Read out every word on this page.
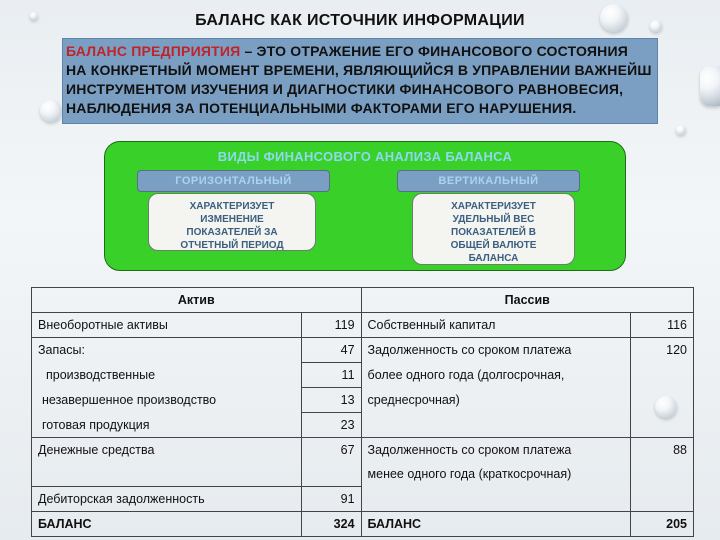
БАЛАНС КАК ИСТОЧНИК ИНФОРМАЦИИ
БАЛАНС ПРЕДПРИЯТИЯ – ЭТО ОТРАЖЕНИЕ ЕГО ФИНАНСОВОГО СОСТОЯНИЯ
НА КОНКРЕТНЫЙ МОМЕНТ ВРЕМЕНИ, ЯВЛЯЮЩИЙСЯ В УПРАВЛЕНИИ ВАЖНЕЙШ
ИНСТРУМЕНТОМ ИЗУЧЕНИЯ И ДИАГНОСТИКИ ФИНАНСОВОГО РАВНОВЕСИЯ,
НАБЛЮДЕНИЯ ЗА ПОТЕНЦИАЛЬНЫМИ ФАКТОРАМИ ЕГО НАРУШЕНИЯ.
ВИДЫ ФИНАНСОВОГО АНАЛИЗА БАЛАНСА
ГОРИЗОНТАЛЬНЫЙ	ВЕРТИКАЛЬНЫЙ
ХАРАКТЕРИЗУЕТ
ИЗМЕНЕНИЕ
ПОКАЗАТЕЛЕЙ ЗА
ОТЧЕТНЫЙ ПЕРИОД
ХАРАКТЕРИЗУЕТ
УДЕЛЬНЫЙ ВЕС
ПОКАЗАТЕЛЕЙ В
ОБЩЕЙ ВАЛЮТЕ
БАЛАНСА
Актив		Пассив	
Внеоборотные активы	119	Собственный капитал	116
Запасы:	47	Задолженность со сроком платежа	120
производственные	11	более одного года (долгосрочная,	
незавершенное производство	13	среднесрочная)	
готовая продукция	23		
Денежные средства	67	Задолженность со сроком платежа	88
		менее одного года (краткосрочная)	
Дебиторская задолженность	91		
БАЛАНС	324	БАЛАНС	205
